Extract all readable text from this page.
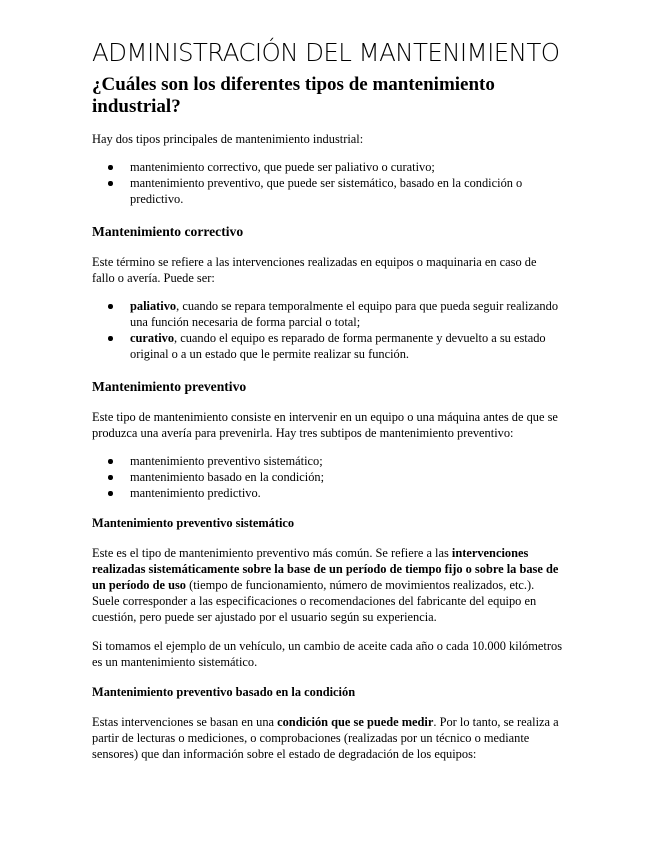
ADMINISTRACIÓN DEL MANTENIMIENTO
¿Cuáles son los diferentes tipos de mantenimiento industrial?

Hay dos tipos principales de mantenimiento industrial:

mantenimiento correctivo, que puede ser paliativo o curativo;
mantenimiento preventivo, que puede ser sistemático, basado en la condición o predictivo.
Mantenimiento correctivo

Este término se refiere a las intervenciones realizadas en equipos o maquinaria en caso de fallo o avería. Puede ser:

paliativo, cuando se repara temporalmente el equipo para que pueda seguir realizando una función necesaria de forma parcial o total;
curativo, cuando el equipo es reparado de forma permanente y devuelto a su estado original o a un estado que le permite realizar su función.
Mantenimiento preventivo

Este tipo de mantenimiento consiste en intervenir en un equipo o una máquina antes de que se produzca una avería para prevenirla. Hay tres subtipos de mantenimiento preventivo:

mantenimiento preventivo sistemático;
mantenimiento basado en la condición;
mantenimiento predictivo.
Mantenimiento preventivo sistemático

Este es el tipo de mantenimiento preventivo más común. Se refiere a las intervenciones realizadas sistemáticamente sobre la base de un período de tiempo fijo o sobre la base de un período de uso (tiempo de funcionamiento, número de movimientos realizados, etc.). Suele corresponder a las especificaciones o recomendaciones del fabricante del equipo en cuestión, pero puede ser ajustado por el usuario según su experiencia.

Si tomamos el ejemplo de un vehículo, un cambio de aceite cada año o cada 10.000 kilómetros es un mantenimiento sistemático.

Mantenimiento preventivo basado en la condición

Estas intervenciones se basan en una condición que se puede medir. Por lo tanto, se realiza a partir de lecturas o mediciones, o comprobaciones (realizadas por un técnico o mediante sensores) que dan información sobre el estado de degradación de los equipos:
